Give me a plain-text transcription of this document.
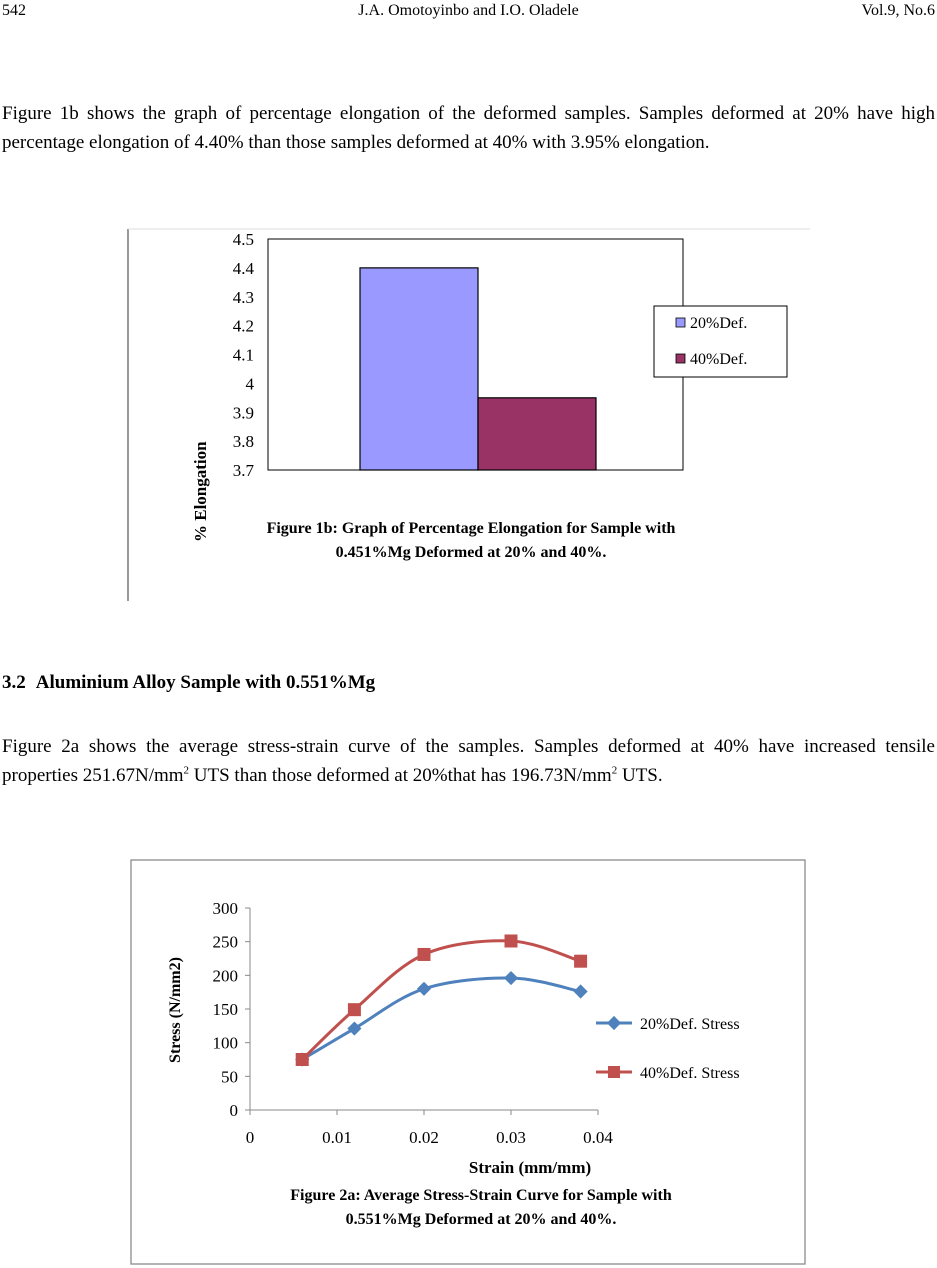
542	J.A. Omotoyinbo and I.O. Oladele	Vol.9, No.6

Figure 1b shows the graph of percentage elongation of the deformed samples. Samples deformed at 20% have high percentage elongation of 4.40% than those samples deformed at 40% with 3.95% elongation.

3.7
3.8
3.9
4
4.1
4.2
4.3
4.4
4.5
% Elongation
20%Def.
40%Def.
Figure 1b: Graph of Percentage Elongation for Sample with
0.451%Mg Deformed at 20% and 40%.
3.2 Aluminium Alloy Sample with 0.551%Mg

Figure 2a shows the average stress-strain curve of the samples. Samples deformed at 40% have increased tensile properties $251.67N/mm^2$ UTS than those deformed at 20%that has $196.73N/mm^2$ UTS.

0
50
100
150
200
250
300
0	0.01	0.02	0.03	0.04
Stress (N/mm2)
Strain (mm/mm)
20%Def. Stress
40%Def. Stress
Figure 2a: Average Stress-Strain Curve for Sample with
0.551%Mg Deformed at 20% and 40%.
